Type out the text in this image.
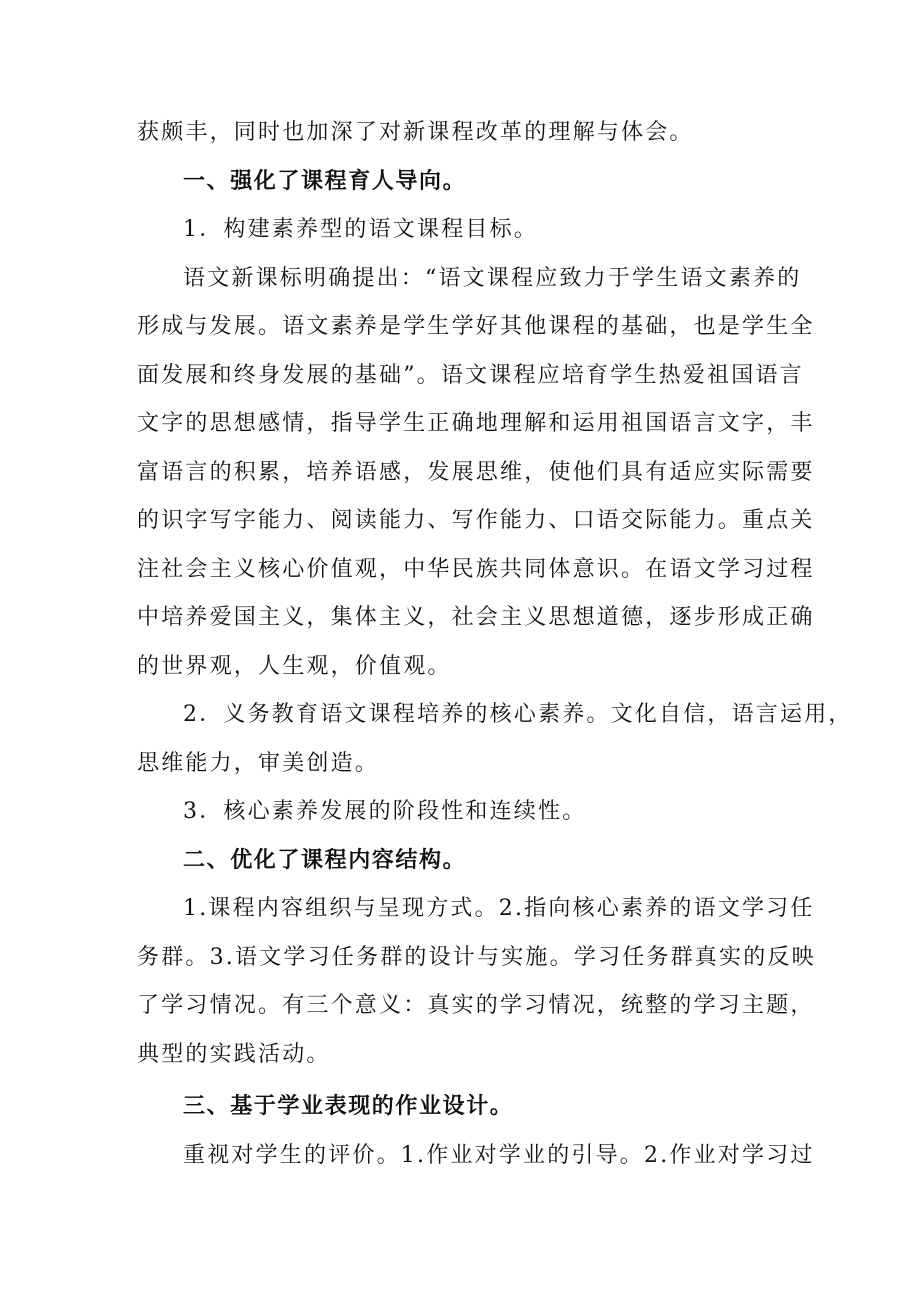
获颇丰，同时也加深了对新课程改革的理解与体会。
一、强化了课程育人导向。
1．构建素养型的语文课程目标。
语文新课标明确提出：“语文课程应致力于学生语文素养的
形成与发展。语文素养是学生学好其他课程的基础，也是学生全
面发展和终身发展的基础”。语文课程应培育学生热爱祖国语言
文字的思想感情，指导学生正确地理解和运用祖国语言文字，丰
富语言的积累，培养语感，发展思维，使他们具有适应实际需要
的识字写字能力、阅读能力、写作能力、口语交际能力。重点关
注社会主义核心价值观，中华民族共同体意识。在语文学习过程
中培养爱国主义，集体主义，社会主义思想道德，逐步形成正确
的世界观，人生观，价值观。
2．义务教育语文课程培养的核心素养。文化自信，语言运用，
思维能力，审美创造。
3．核心素养发展的阶段性和连续性。
二、优化了课程内容结构。
1.课程内容组织与呈现方式。2.指向核心素养的语文学习任
务群。3.语文学习任务群的设计与实施。学习任务群真实的反映
了学习情况。有三个意义：真实的学习情况，统整的学习主题，
典型的实践活动。
三、基于学业表现的作业设计。
重视对学生的评价。1.作业对学业的引导。2.作业对学习过
